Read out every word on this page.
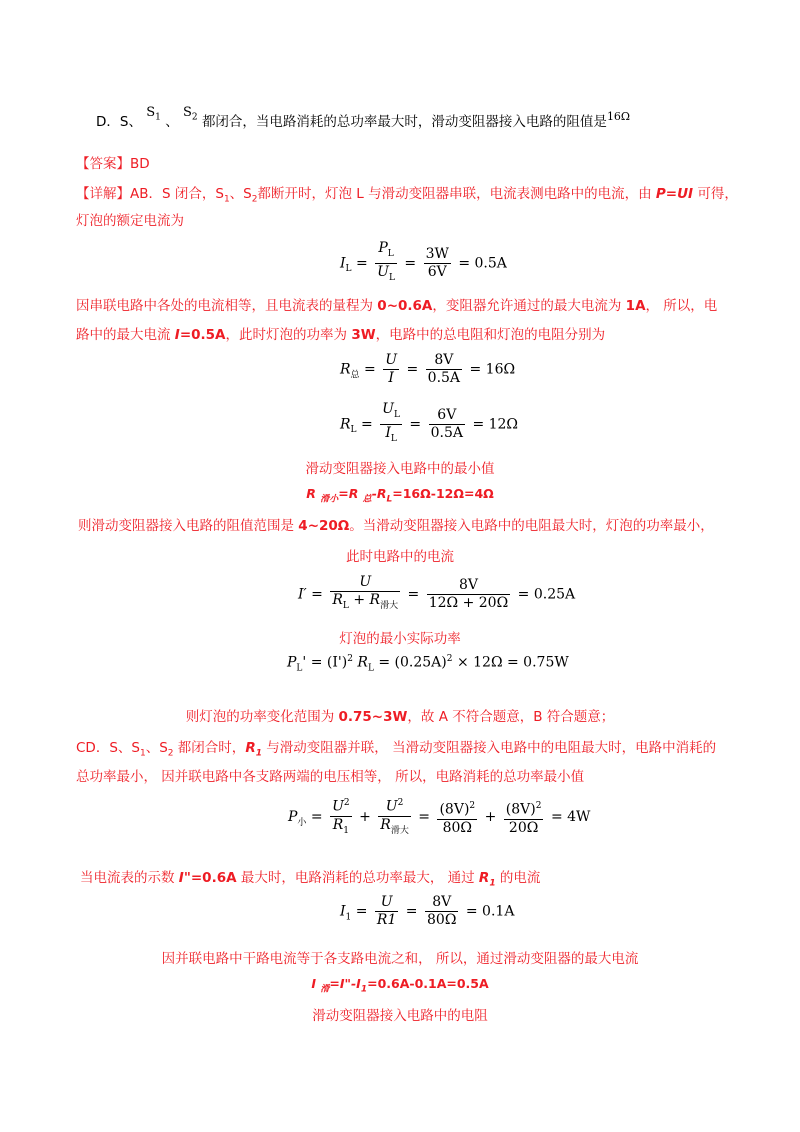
D．S、 $S_1$ 、 $S_2$ 都闭合，当电路消耗的总功率最大时，滑动变阻器接入电路的阻值是$^{16\Omega}$
【答案】BD
【详解】AB．S 闭合，$S_1$、$S_2$都断开时，灯泡 L 与滑动变阻器串联，电流表测电路中的电流，由 P=UI 可得，
灯泡的额定电流为
$I_L = \frac{P_L}{U_L} = \frac{3W}{6V} = 0.5A$
因串联电路中各处的电流相等，且电流表的量程为 0~0.6A，变阻器允许通过的最大电流为 1A， 所以，电
路中的最大电流 I=0.5A，此时灯泡的功率为 3W，电路中的总电阻和灯泡的电阻分别为
$R_总 = \frac{U}{I} = \frac{8V}{0.5A} = 16\Omega$
$R_L = \frac{U_L}{I_L} = \frac{6V}{0.5A} = 12\Omega$
滑动变阻器接入电路中的最小值
R $_{滑小}$=R $_总-R_L=16\Omega-12\Omega=4\Omega$
则滑动变阻器接入电路的阻值范围是 4~20Ω。当滑动变阻器接入电路中的电阻最大时，灯泡的功率最小，
此时电路中的电流
$I' = \frac{U}{R_L + R_{滑大}} = \frac{8V}{12\Omega + 20\Omega} = 0.25A$
灯泡的最小实际功率
$P_L' = (I')^2$ $R_L = (0.25A)^2 \times 12\Omega = 0.75W$
则灯泡的功率变化范围为 0.75~3W，故 A 不符合题意，B 符合题意；
CD．S、$S_1$、$S_2$ 都闭合时，$R_1$ 与滑动变阻器并联， 当滑动变阻器接入电路中的电阻最大时，电路中消耗的
总功率最小， 因并联电路中各支路两端的电压相等， 所以，电路消耗的总功率最小值
$P_小 = \frac{U^2}{R_1} + \frac{U^2}{R_{滑大}} = \frac{(8V)^2}{80\Omega} + \frac{(8V)^2}{20\Omega} = 4W$
当电流表的示数 I"=0.6A 最大时，电路消耗的总功率最大， 通过 $R_1$ 的电流
$I_1 = \frac{U}{R1} = \frac{8V}{80\Omega} = 0.1A$
因并联电路中干路电流等于各支路电流之和， 所以，通过滑动变阻器的最大电流
I $_滑=I"-I_1=0.6A-0.1A=0.5A$
滑动变阻器接入电路中的电阻
